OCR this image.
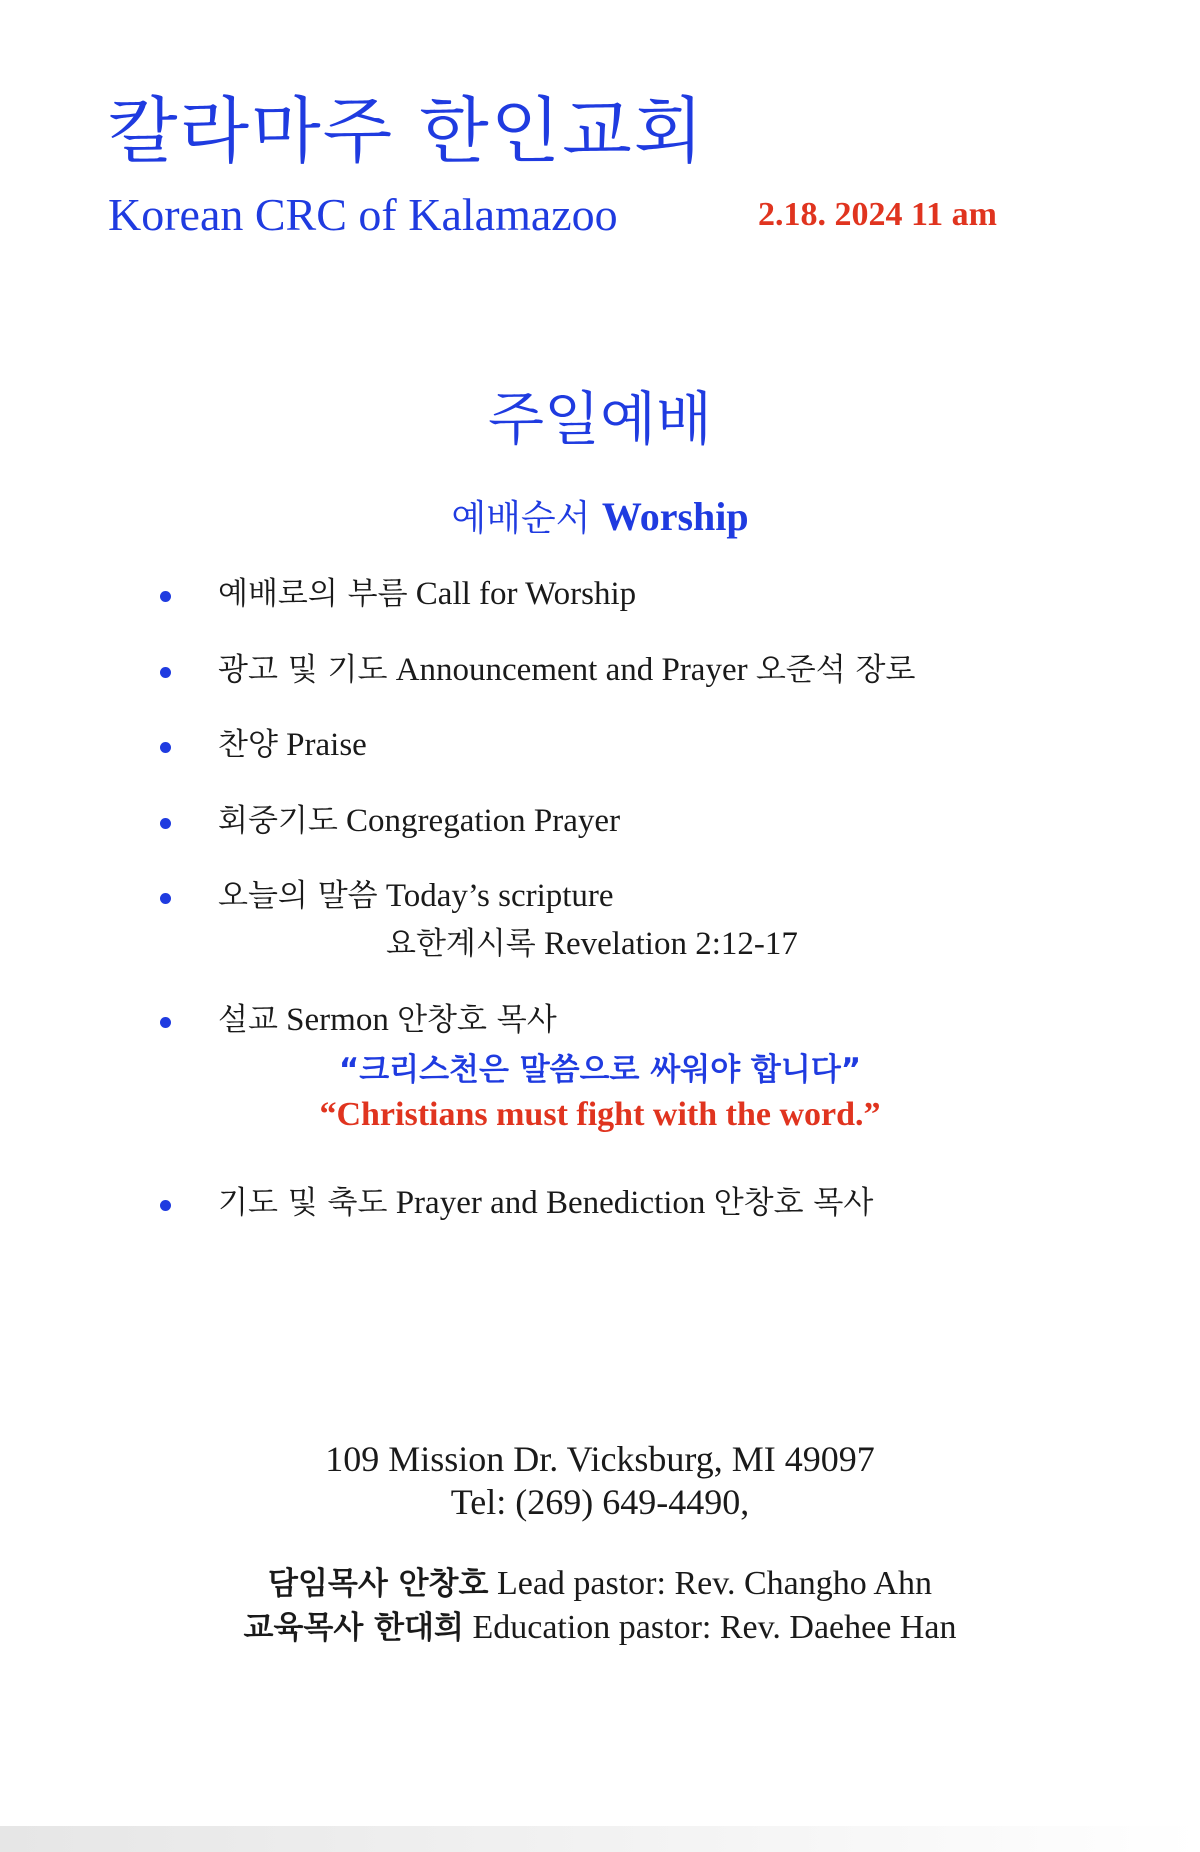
칼라마주 한인교회
Korean CRC of Kalamazoo	2.18. 2024 11 am
주일예배
예배순서 Worship
예배로의 부름 Call for Worship
광고 및 기도 Announcement and Prayer 오준석 장로
찬양 Praise
회중기도 Congregation Prayer
오늘의 말씀 Today’s scripture
요한계시록 Revelation 2:12-17
설교 Sermon 안창호 목사
“크리스천은 말씀으로 싸워야 합니다”
“Christians must fight with the word.”
기도 및 축도 Prayer and Benediction 안창호 목사
109 Mission Dr. Vicksburg, MI 49097
Tel: (269) 649-4490,
담임목사 안창호 Lead pastor: Rev. Changho Ahn
교육목사 한대희 Education pastor: Rev. Daehee Han
